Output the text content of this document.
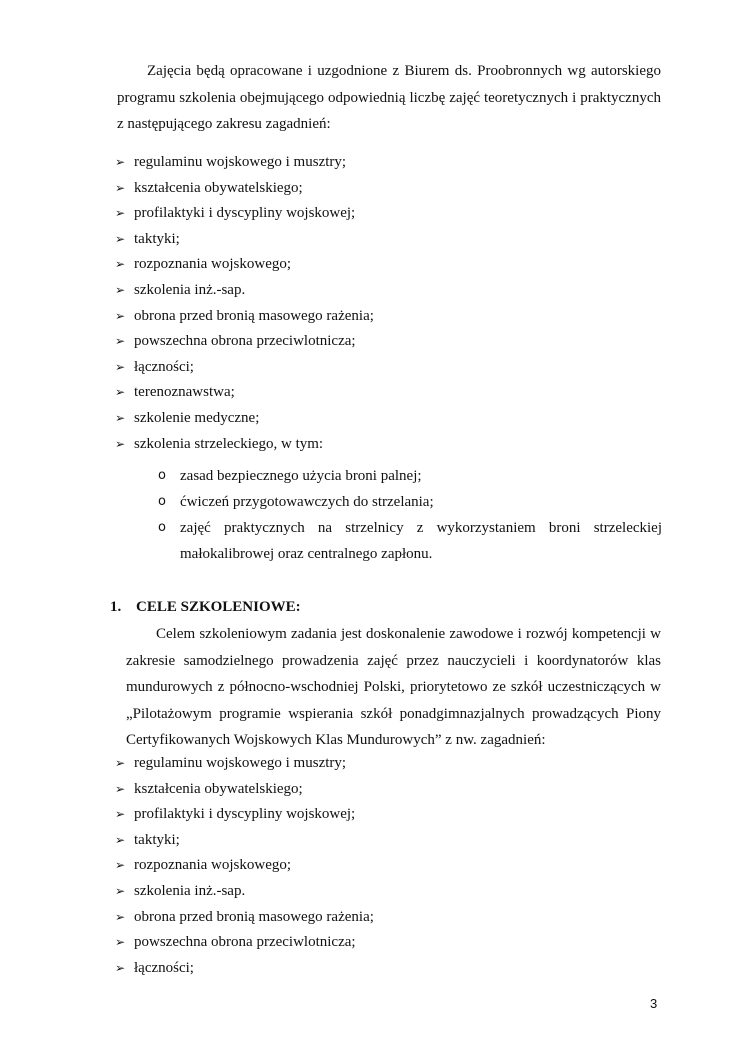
Zajęcia będą opracowane i uzgodnione z Biurem ds. Proobronnych wg autorskiego programu szkolenia obejmującego odpowiednią liczbę zajęć teoretycznych i praktycznych z następującego zakresu zagadnień:

➢ regulaminu wojskowego i musztry;
➢ kształcenia obywatelskiego;
➢ profilaktyki i dyscypliny wojskowej;
➢ taktyki;
➢ rozpoznania wojskowego;
➢ szkolenia inż.-sap.
➢ obrona przed bronią masowego rażenia;
➢ powszechna obrona przeciwlotnicza;
➢ łączności;
➢ terenoznawstwa;
➢ szkolenie medyczne;
➢ szkolenia strzeleckiego, w tym:
o zasad bezpiecznego użycia broni palnej;
o ćwiczeń przygotowawczych do strzelania;
o zajęć praktycznych na strzelnicy z wykorzystaniem broni strzeleckiej małokalibrowej oraz centralnego zapłonu.
1. CELE SZKOLENIOWE:
Celem szkoleniowym zadania jest doskonalenie zawodowe i rozwój kompetencji w zakresie samodzielnego prowadzenia zajęć przez nauczycieli i koordynatorów klas mundurowych z północno-wschodniej Polski, priorytetowo ze szkół uczestniczących w „Pilotażowym programie wspierania szkół ponadgimnazjalnych prowadzących Piony Certyfikowanych Wojskowych Klas Mundurowych” z nw. zagadnień:
➢ regulaminu wojskowego i musztry;
➢ kształcenia obywatelskiego;
➢ profilaktyki i dyscypliny wojskowej;
➢ taktyki;
➢ rozpoznania wojskowego;
➢ szkolenia inż.-sap.
➢ obrona przed bronią masowego rażenia;
➢ powszechna obrona przeciwlotnicza;
➢ łączności;
3
